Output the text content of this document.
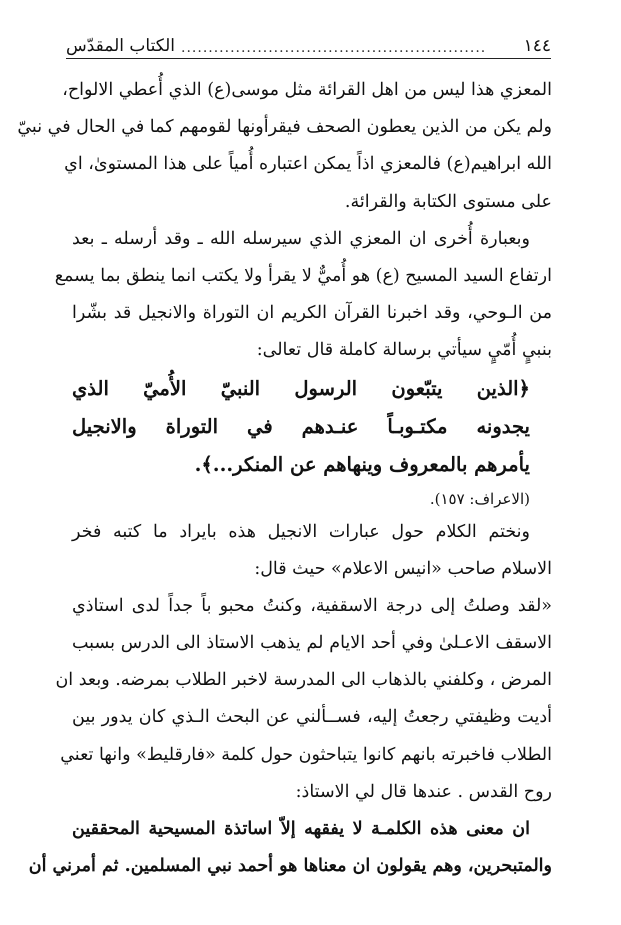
الكتاب المقدّس ........................................................	١٤٤
المعزي هذا ليس من اهل القرائة مثل موسى(ع) الذي أُعطي الالواح،
ولم يكن من الذين يعطون الصحف فيقرأونها لقومهم كما في الحال في نبيّ
الله ابراهيم(ع) فالمعزي اذاً يمكن اعتباره أُمياً على هذا المستوىٰ، اي
على مستوى الكتابة والقرائة.
وبعبارة أُخرى ان المعزي الذي سيرسله الله ـ وقد أرسله ـ بعد
ارتفاع السيد المسيح (ع) هو أُميٌّ لا يقرأ ولا يكتب انما ينطق بما يسمع
من الـوحي، وقد اخبرنا القرآن الكريم ان التوراة والانجيل قد بشّرا
بنبيٍ أُمّيٍ سيأتي برسالة كاملة قال تعالى:
﴿الذين يتبّعون الرسول النبيّ الأُميّ الذي
يجدونه مكتـوبـاً عنـدهم في التوراة والانجيل
يأمرهم بالمعروف وينهاهم عن المنكر...﴾.
(الاعراف: ١٥٧).
ونختم الكلام حول عبارات الانجيل هذه بايراد ما كتبه فخر
الاسلام صاحب «انيس الاعلام» حيث قال:
«لقد وصلتُ إلى درجة الاسقفية، وكنتُ محبو باً جداً لدى استاذي
الاسقف الاعـلىٰ وفي أحد الايام لم يذهب الاستاذ الى الدرس بسبب
المرض ، وكلفني بالذهاب الى المدرسة لاخبر الطلاب بمرضه. وبعد ان
أديت وظيفتي رجعتُ إليه، فســألني عن البحث الـذي كان يدور بين
الطلاب فاخبرته بانهم كانوا يتباحثون حول كلمة «فارقليط» وانها تعني
روح القدس . عندها قال لي الاستاذ:
ان معنى هذه الكلمـة لا يفقهه إلاّ اساتذة المسيحية المحققين
والمتبحرين، وهم يقولون ان معناها هو أحمد نبي المسلمين. ثم أمرني أن
